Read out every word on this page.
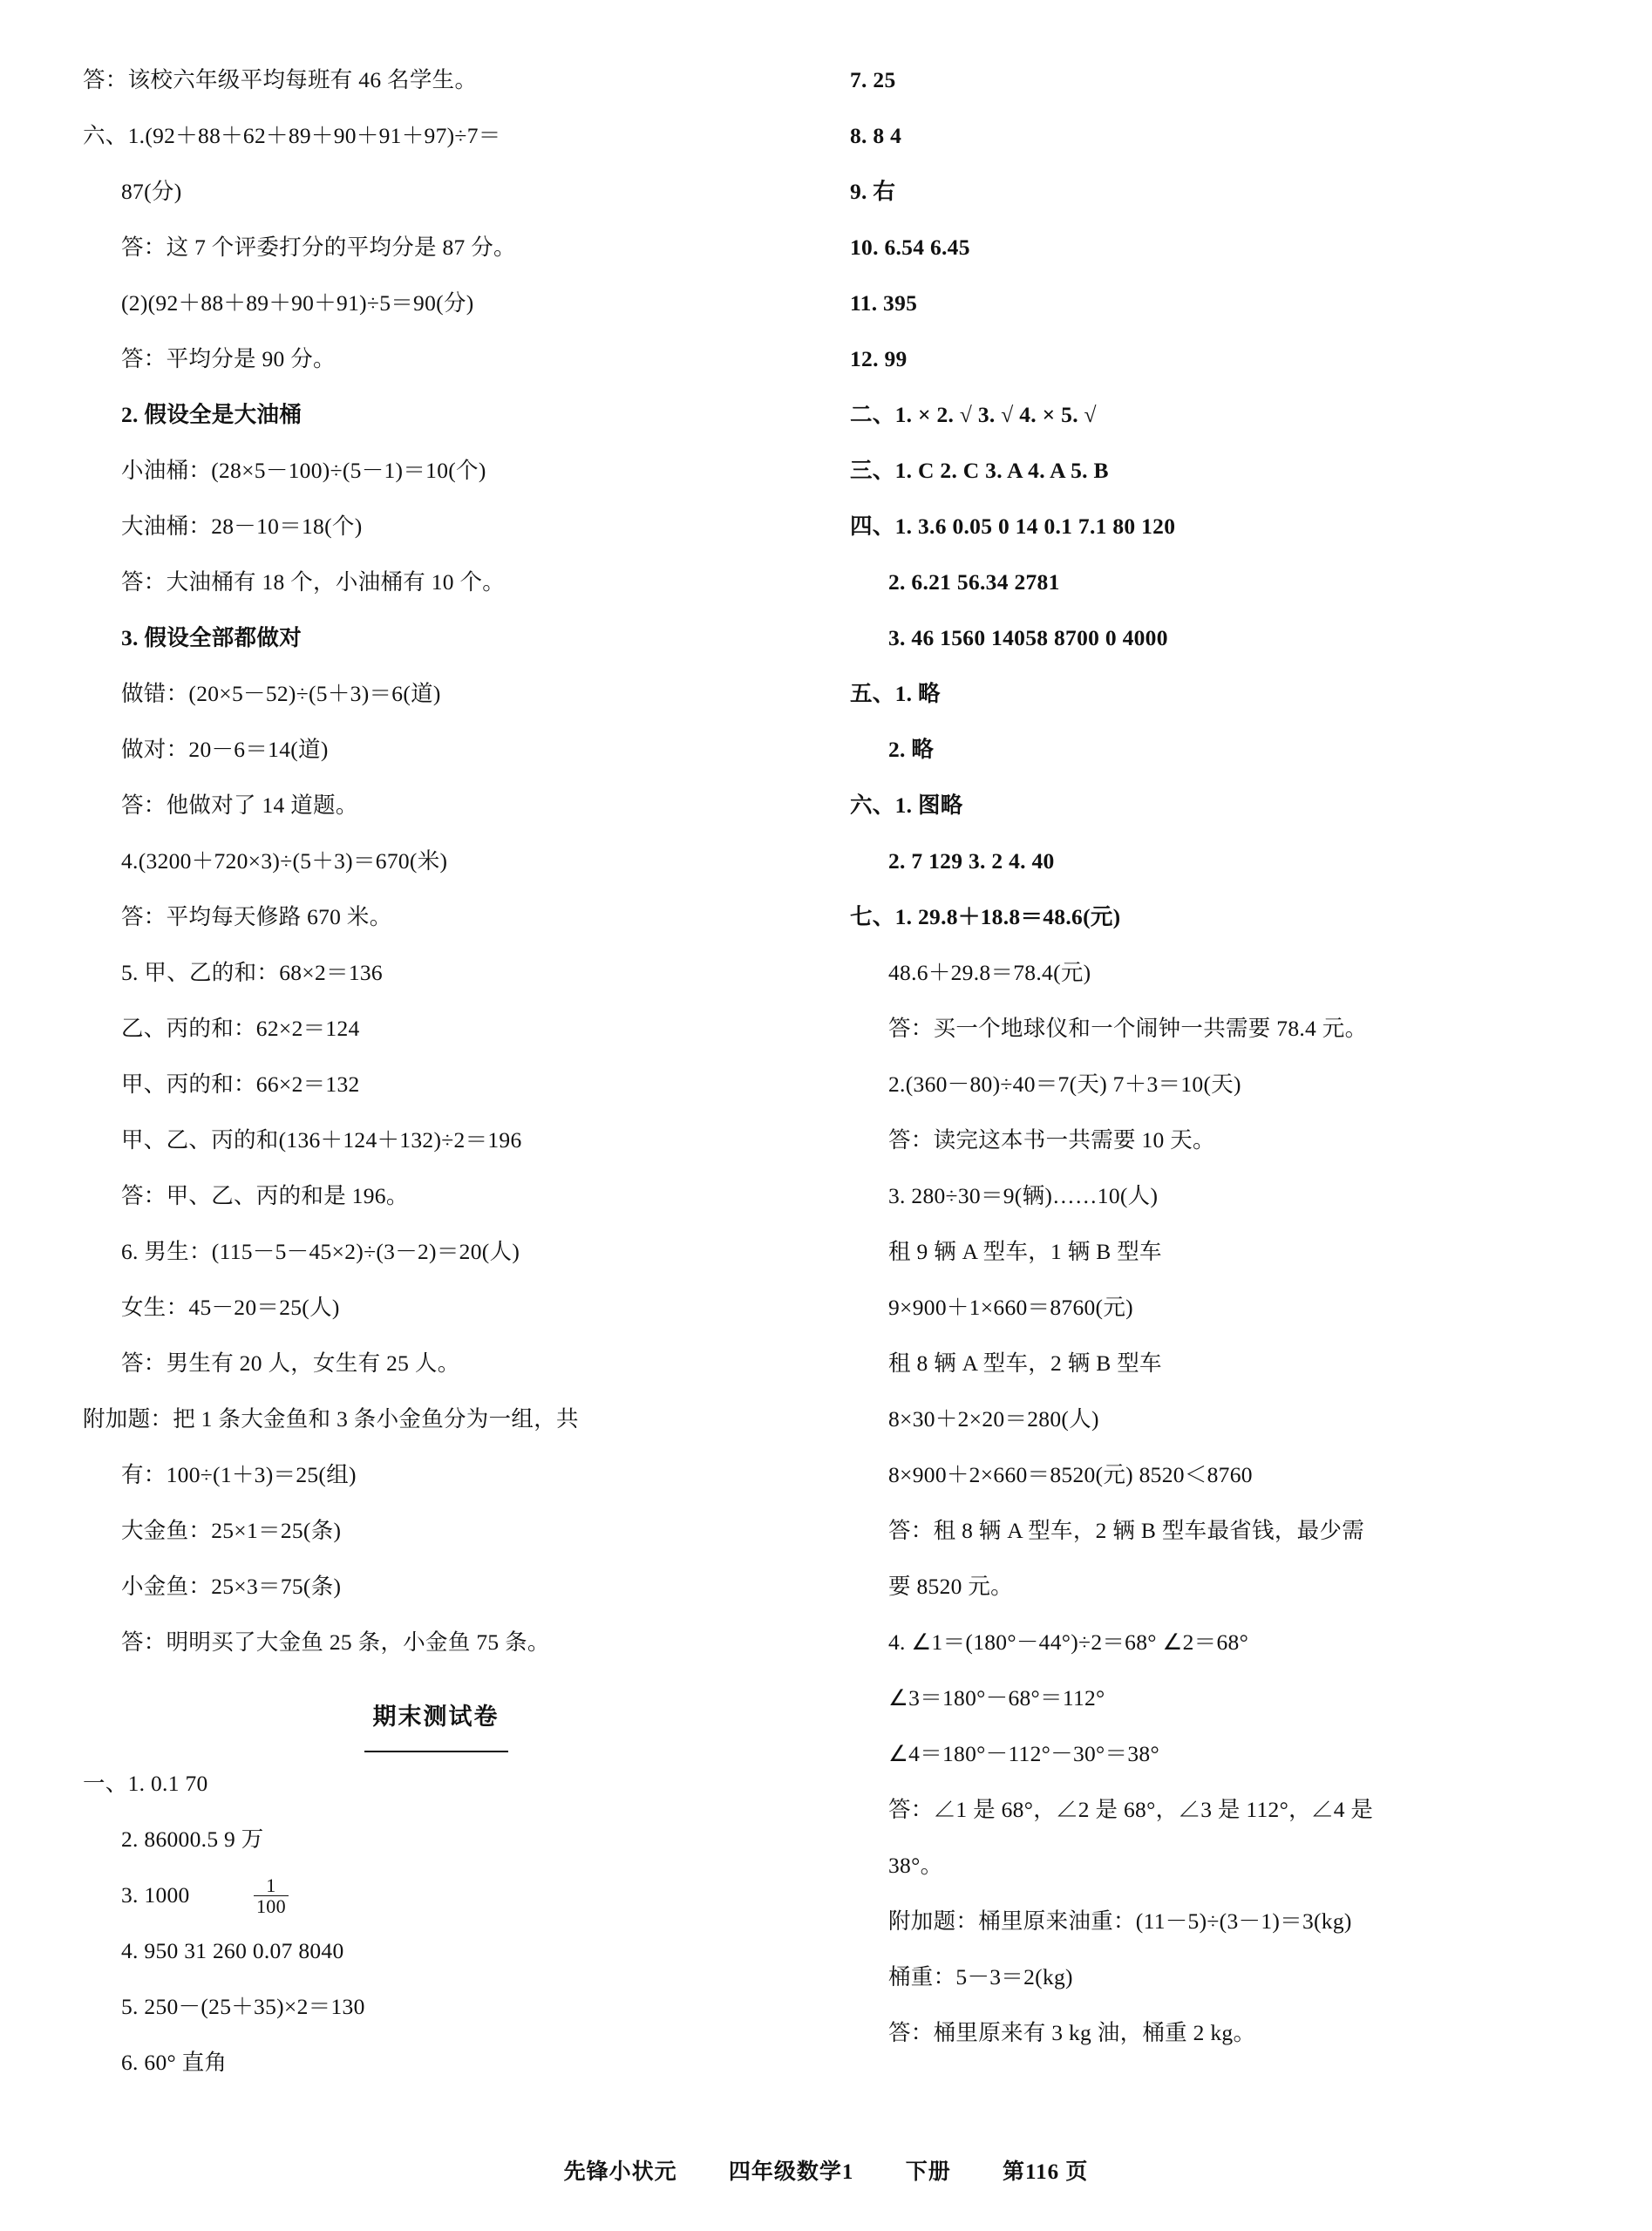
答：该校六年级平均每班有 46 名学生。
六、1.(92＋88＋62＋89＋90＋91＋97)÷7＝
87(分)
答：这 7 个评委打分的平均分是 87 分。
(2)(92＋88＋89＋90＋91)÷5＝90(分)
答：平均分是 90 分。
2. 假设全是大油桶
小油桶：(28×5－100)÷(5－1)＝10(个)
大油桶：28－10＝18(个)
答：大油桶有 18 个，小油桶有 10 个。
3. 假设全部都做对
做错：(20×5－52)÷(5＋3)＝6(道)
做对：20－6＝14(道)
答：他做对了 14 道题。
4.(3200＋720×3)÷(5＋3)＝670(米)
答：平均每天修路 670 米。
5. 甲、乙的和：68×2＝136
乙、丙的和：62×2＝124
甲、丙的和：66×2＝132
甲、乙、丙的和(136＋124＋132)÷2＝196
答：甲、乙、丙的和是 196。
6. 男生：(115－5－45×2)÷(3－2)＝20(人)
女生：45－20＝25(人)
答：男生有 20 人，女生有 25 人。
附加题：把 1 条大金鱼和 3 条小金鱼分为一组，共
有：100÷(1＋3)＝25(组)
大金鱼：25×1＝25(条)
小金鱼：25×3＝75(条)
答：明明买了大金鱼 25 条，小金鱼 75 条。
期末测试卷
一、1. 0.1 70
2. 86000.5 9 万
3. 1000	$\frac{1}{100}$
4. 950 31 260 0.07 8040
5. 250－(25＋35)×2＝130
6. 60° 直角
7. 25
8. 8 4
9. 右
10. 6.54 6.45
11. 395
12. 99
二、1. × 2. √ 3. √ 4. × 5. √
三、1. C 2. C 3. A 4. A 5. B
四、1. 3.6 0.05 0 14 0.1 7.1 80 120
2. 6.21 56.34 2781
3. 46 1560 14058 8700 0 4000
五、1. 略
2. 略
六、1. 图略
2. 7 129 3. 2 4. 40
七、1. 29.8＋18.8＝48.6(元)
48.6＋29.8＝78.4(元)
答：买一个地球仪和一个闹钟一共需要 78.4 元。
2.(360－80)÷40＝7(天) 7＋3＝10(天)
答：读完这本书一共需要 10 天。
3. 280÷30＝9(辆)……10(人)
租 9 辆 A 型车，1 辆 B 型车
9×900＋1×660＝8760(元)
租 8 辆 A 型车，2 辆 B 型车
8×30＋2×20＝280(人)
8×900＋2×660＝8520(元) 8520＜8760
答：租 8 辆 A 型车，2 辆 B 型车最省钱，最少需
要 8520 元。
4. ∠1＝(180°－44°)÷2＝68° ∠2＝68°
∠3＝180°－68°＝112°
∠4＝180°－112°－30°＝38°
答：∠1 是 68°，∠2 是 68°，∠3 是 112°，∠4 是
38°。
附加题：桶里原来油重：(11－5)÷(3－1)＝3(kg)
桶重：5－3＝2(kg)
答：桶里原来有 3 kg 油，桶重 2 kg。
先锋小状元 四年级数学1 下册 第116 页
